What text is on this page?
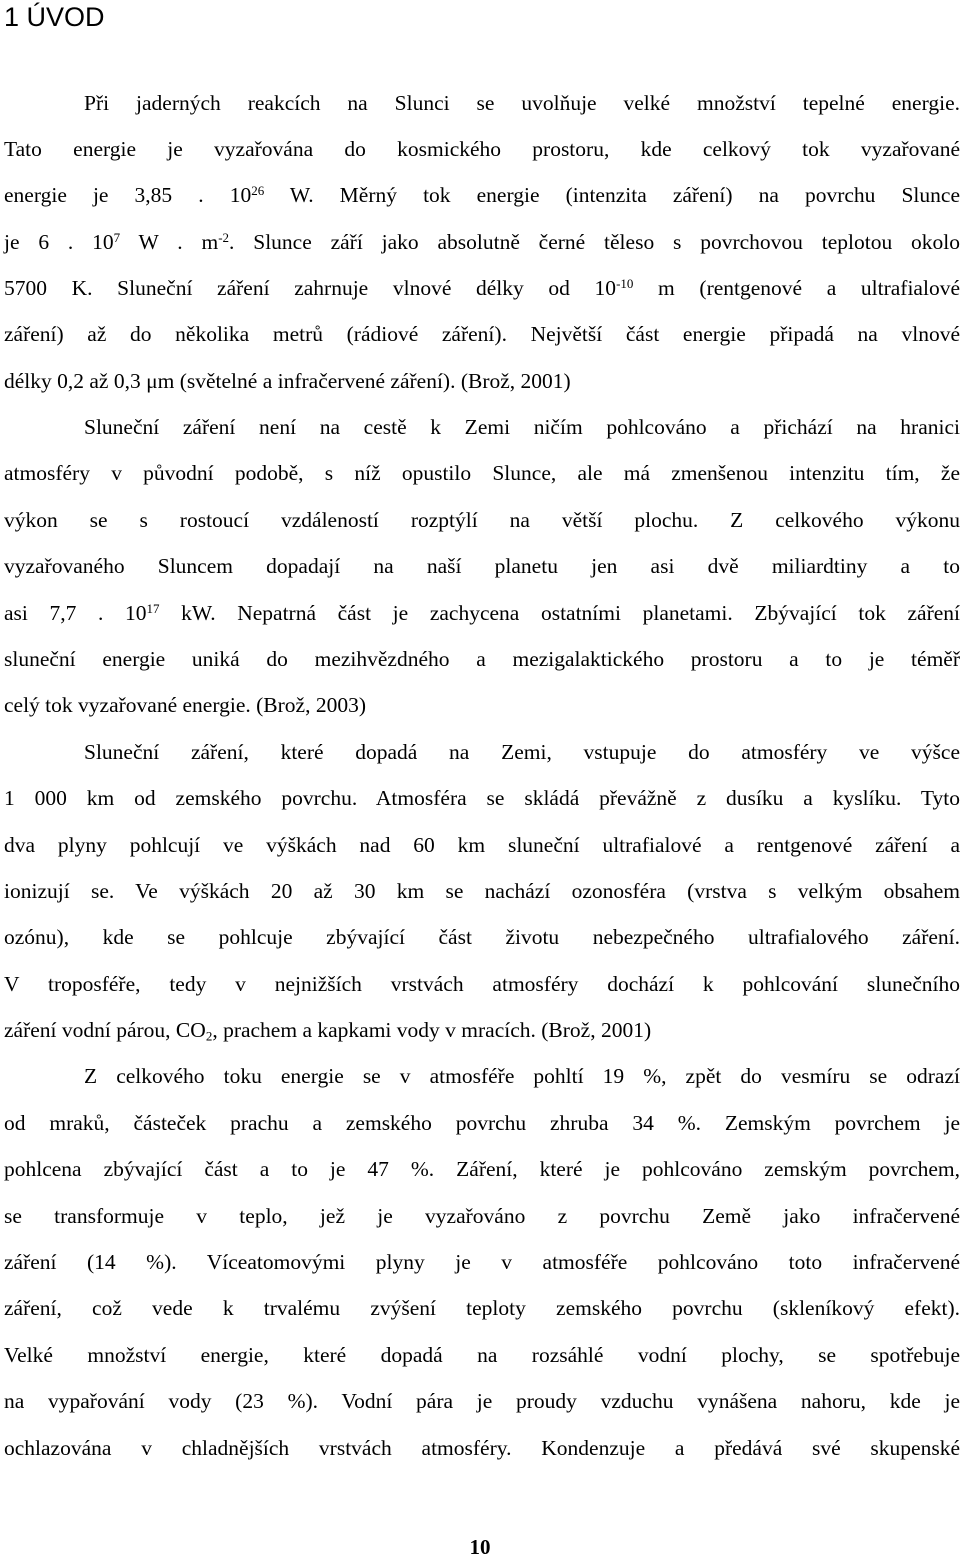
1 ÚVOD
Při jaderných reakcích na Slunci se uvolňuje velké množství tepelné energie.
Tato energie je vyzařována do kosmického prostoru, kde celkový tok vyzařované
energie je 3,85 . $10^{26}$ W. Měrný tok energie (intenzita záření) na povrchu Slunce
je 6 . $10^7$ W . $m^{-2}$. Slunce září jako absolutně černé těleso s povrchovou teplotou okolo
5700 K. Sluneční záření zahrnuje vlnové délky od $10^{-10}$ m (rentgenové a ultrafialové
záření) až do několika metrů (rádiové záření). Největší část energie připadá na vlnové
délky 0,2 až 0,3 μm (světelné a infračervené záření). (Brož, 2001)
Sluneční záření není na cestě k Zemi ničím pohlcováno a přichází na hranici
atmosféry v původní podobě, s níž opustilo Slunce, ale má zmenšenou intenzitu tím, že
výkon se s rostoucí vzdáleností rozptýlí na větší plochu. Z celkového výkonu
vyzařovaného Sluncem dopadají na naší planetu jen asi dvě miliardtiny a to
asi 7,7 . $10^{17}$ kW. Nepatrná část je zachycena ostatními planetami. Zbývající tok záření
sluneční energie uniká do mezihvězdného a mezigalaktického prostoru a to je téměř
celý tok vyzařované energie. (Brož, 2003)
Sluneční záření, které dopadá na Zemi, vstupuje do atmosféry ve výšce
1 000 km od zemského povrchu. Atmosféra se skládá převážně z dusíku a kyslíku. Tyto
dva plyny pohlcují ve výškách nad 60 km sluneční ultrafialové a rentgenové záření a
ionizují se. Ve výškách 20 až 30 km se nachází ozonosféra (vrstva s velkým obsahem
ozónu), kde se pohlcuje zbývající část životu nebezpečného ultrafialového záření.
V troposféře, tedy v nejnižších vrstvách atmosféry dochází k pohlcování slunečního
záření vodní párou, $CO_2$, prachem a kapkami vody v mracích. (Brož, 2001)
Z celkového toku energie se v atmosféře pohltí 19 %, zpět do vesmíru se odrazí
od mraků, částeček prachu a zemského povrchu zhruba 34 %. Zemským povrchem je
pohlcena zbývající část a to je 47 %. Záření, které je pohlcováno zemským povrchem,
se transformuje v teplo, jež je vyzařováno z povrchu Země jako infračervené
záření (14 %). Víceatomovými plyny je v atmosféře pohlcováno toto infračervené
záření, což vede k trvalému zvýšení teploty zemského povrchu (skleníkový efekt).
Velké množství energie, které dopadá na rozsáhlé vodní plochy, se spotřebuje
na vypařování vody (23 %). Vodní pára je proudy vzduchu vynášena nahoru, kde je
ochlazována v chladnějších vrstvách atmosféry. Kondenzuje a předává své skupenské
10
